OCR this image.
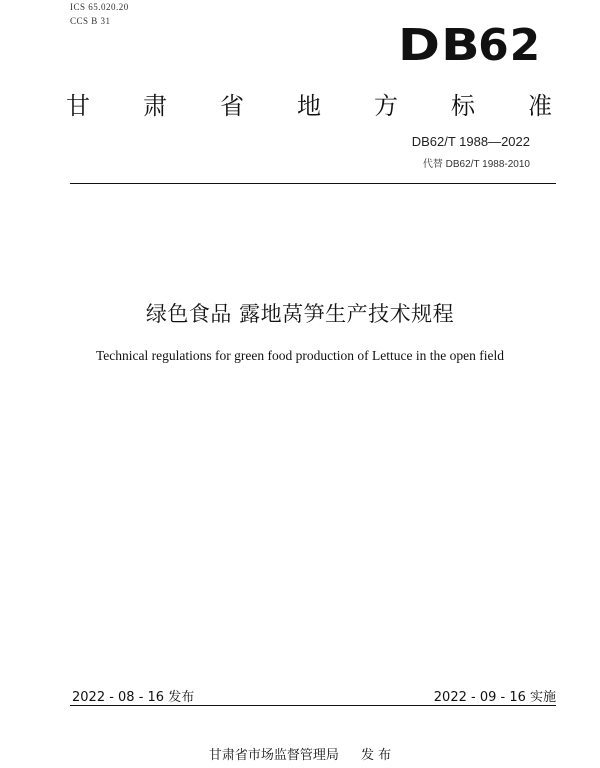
ICS 65.020.20
CCS B 31	DB62
甘 肃 省 地 方 标 准
DB62/T 1988—2022
代替 DB62/T 1988-2010
绿色食品 露地莴笋生产技术规程
Technical regulations for green food production of Lettuce in the open field
2022 - 08 - 16 发布	2022 - 09 - 16 实施
甘肃省市场监督管理局 发 布
